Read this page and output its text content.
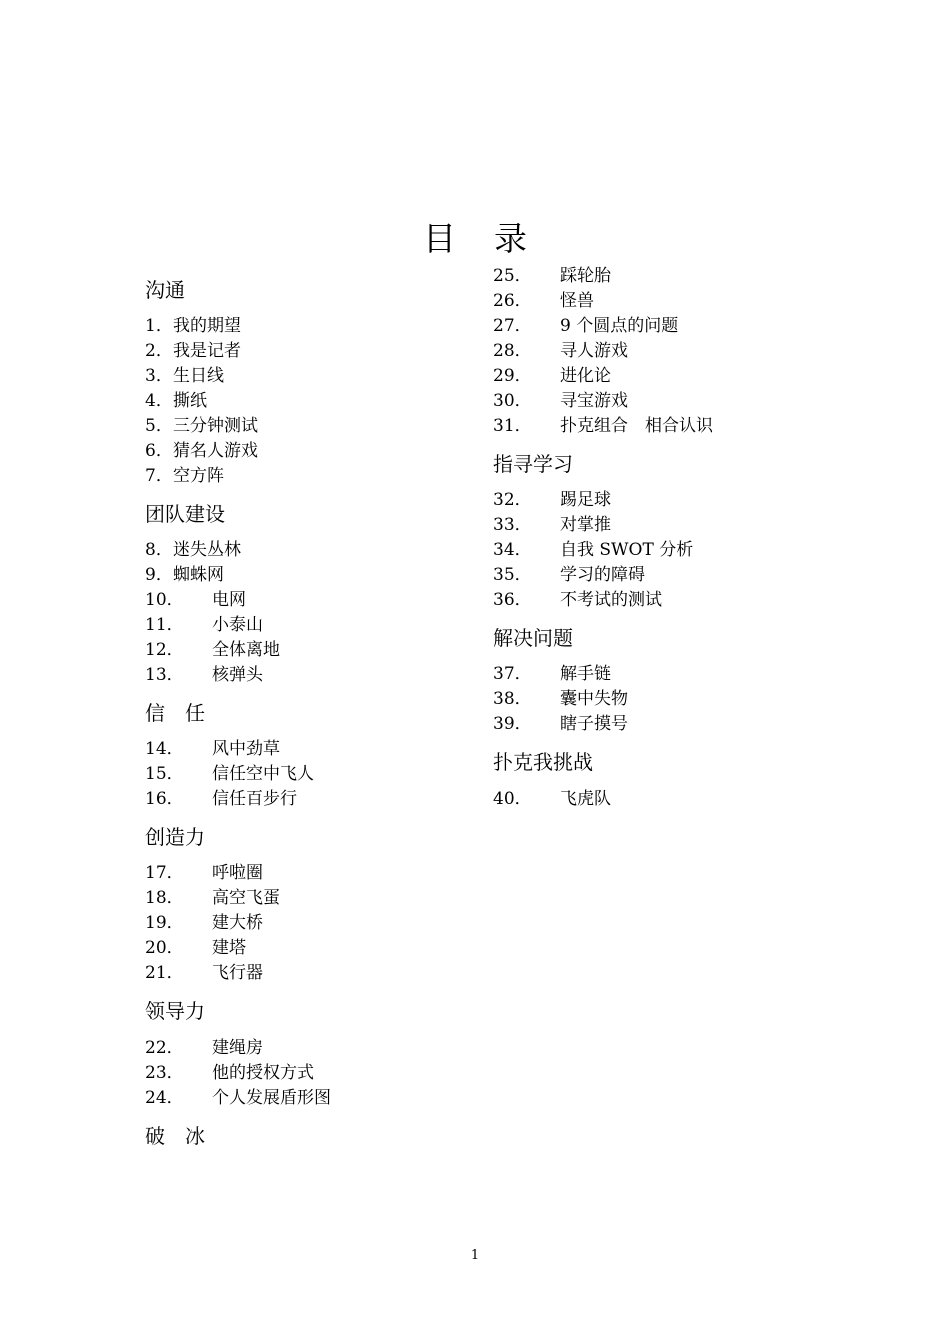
目录
沟通
1． 我的期望
2． 我是记者
3． 生日线
4． 撕纸
5． 三分钟测试
6． 猜名人游戏
7． 空方阵
团队建设
8． 迷失丛林
9． 蜘蛛网
10． 电网
11． 小泰山
12． 全体离地
13． 核弹头
信　任
14． 风中劲草
15． 信任空中飞人
16． 信任百步行
创造力
17． 呼啦圈
18． 高空飞蛋
19． 建大桥
20． 建塔
21． 飞行器
领导力
22． 建绳房
23． 他的授权方式
24． 个人发展盾形图
破　冰
25． 踩轮胎
26． 怪兽
27． 9 个圆点的问题
28． 寻人游戏
29． 进化论
30． 寻宝游戏
31． 扑克组合　相合认识
指寻学习
32． 踢足球
33． 对掌推
34． 自我 SWOT 分析
35． 学习的障碍
36． 不考试的测试
解决问题
37． 解手链
38． 囊中失物
39． 瞎子摸号
扑克我挑战
40． 飞虎队
1
